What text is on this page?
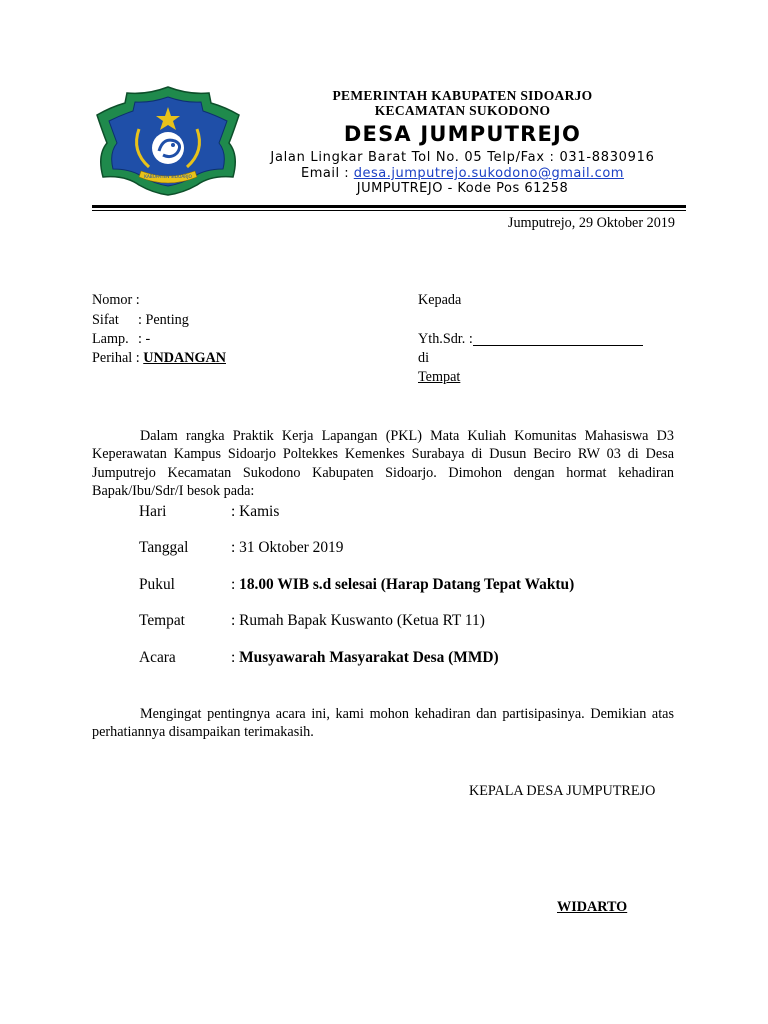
KABUPATEN SIDOARJO
PEMERINTAH KABUPATEN SIDOARJO
KECAMATAN SUKODONO
DESA JUMPUTREJO
Jalan Lingkar Barat Tol No. 05 Telp/Fax : 031-8830916
Email : desa.jumputrejo.sukodono@gmail.com
JUMPUTREJO - Kode Pos 61258
Jumputrejo, 29 Oktober 2019
Nomor :
Sifat : Penting
Lamp. : -
Perihal : UNDANGAN
Kepada
Yth.Sdr. :
di
Tempat

Dalam rangka Praktik Kerja Lapangan (PKL) Mata Kuliah Komunitas Mahasiswa D3 Keperawatan Kampus Sidoarjo Poltekkes Kemenkes Surabaya di Dusun Beciro RW 03 di Desa Jumputrejo Kecamatan Sukodono Kabupaten Sidoarjo. Dimohon dengan hormat kehadiran Bapak/Ibu/Sdr/I besok pada:

Hari	: Kamis
Tanggal	: 31 Oktober 2019
Pukul	: 18.00 WIB s.d selesai (Harap Datang Tepat Waktu)
Tempat	: Rumah Bapak Kuswanto (Ketua RT 11)
Acara	: Musyawarah Masyarakat Desa (MMD)

Mengingat pentingnya acara ini, kami mohon kehadiran dan partisipasinya. Demikian atas perhatiannya disampaikan terimakasih.

KEPALA DESA JUMPUTREJO
WIDARTO
